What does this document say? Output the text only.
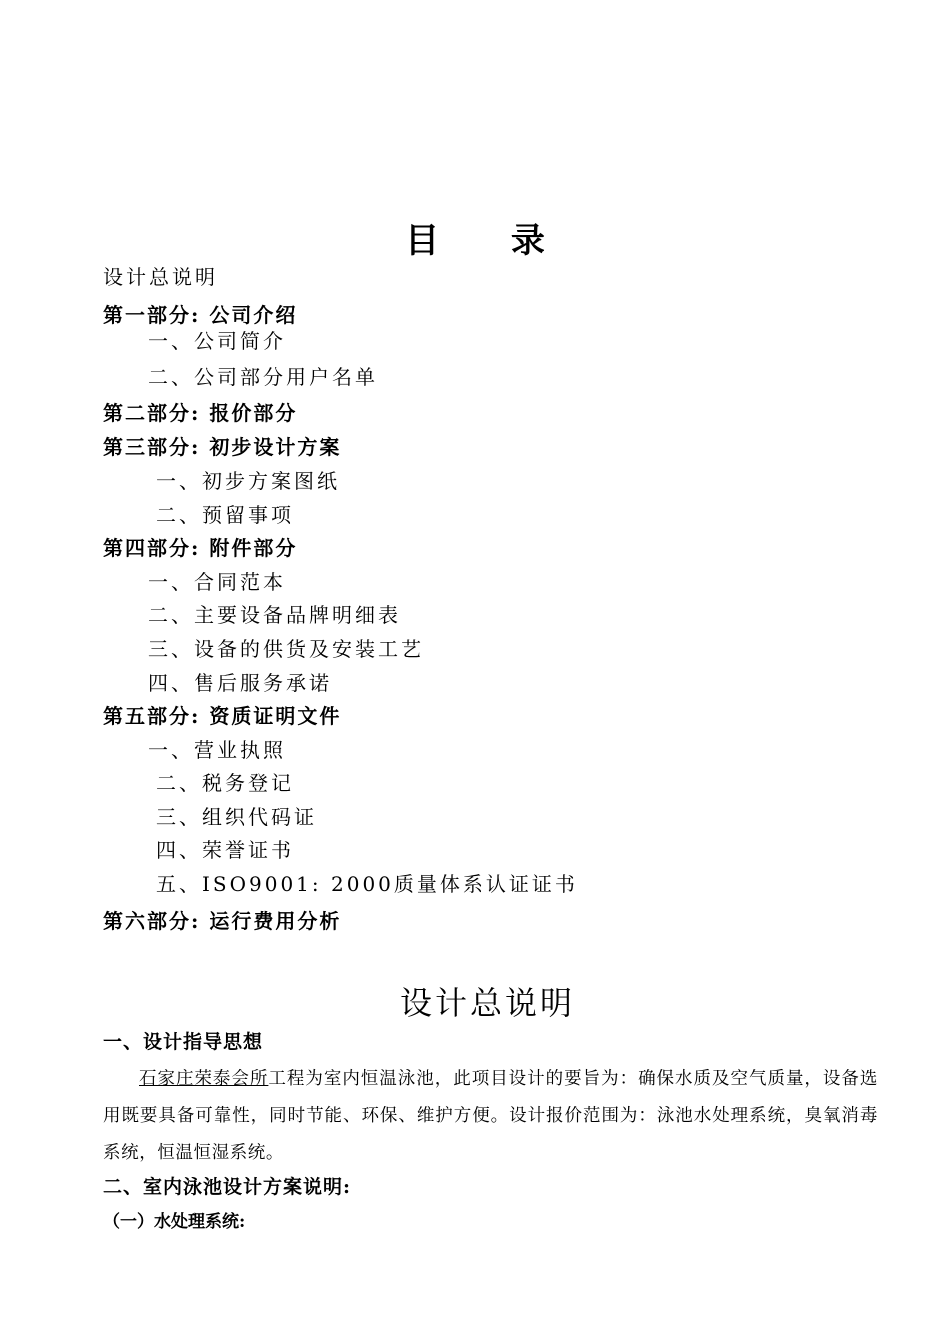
目 录
设计总说明
第一部分: 公司介绍
一、公司简介
二、公司部分用户名单
第二部分: 报价部分
第三部分: 初步设计方案
一、初步方案图纸
二、预留事项
第四部分: 附件部分
一、合同范本
二、主要设备品牌明细表
三、设备的供货及安装工艺
四、售后服务承诺
第五部分: 资质证明文件
一、营业执照
二、税务登记
三、组织代码证
四、荣誉证书
五、ISO9001: 2000质量体系认证证书
第六部分: 运行费用分析
设计总说明
一、设计指导思想
石家庄荣泰会所工程为室内恒温泳池，此项目设计的要旨为：确保水质及空气质量，设备选用既要具备可靠性，同时节能、环保、维护方便。设计报价范围为：泳池水处理系统，臭氧消毒系统，恒温恒湿系统。
二、室内泳池设计方案说明:
（一）水处理系统:
